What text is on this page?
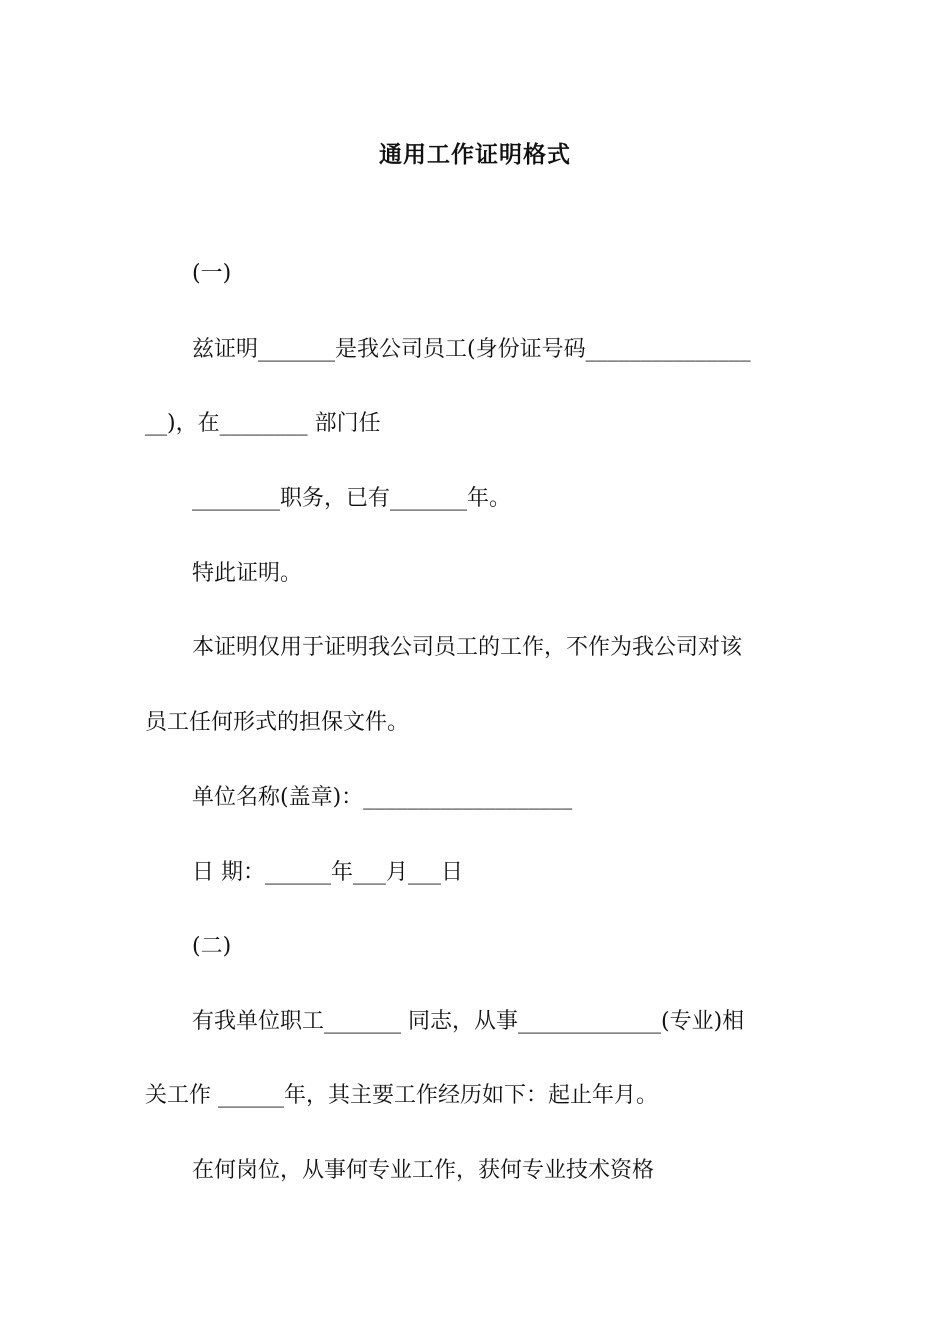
通用工作证明格式
(一)
兹证明_______是我公司员工(身份证号码_______________
__)，在________ 部门任
________职务，已有_______年。
特此证明。
本证明仅用于证明我公司员工的工作，不作为我公司对该
员工任何形式的担保文件。
单位名称(盖章)：___________________
日 期：______年___月___日
(二)
有我单位职工_______ 同志，从事_____________(专业)相
关工作 ______年，其主要工作经历如下：起止年月。
在何岗位，从事何专业工作，获何专业技术资格
